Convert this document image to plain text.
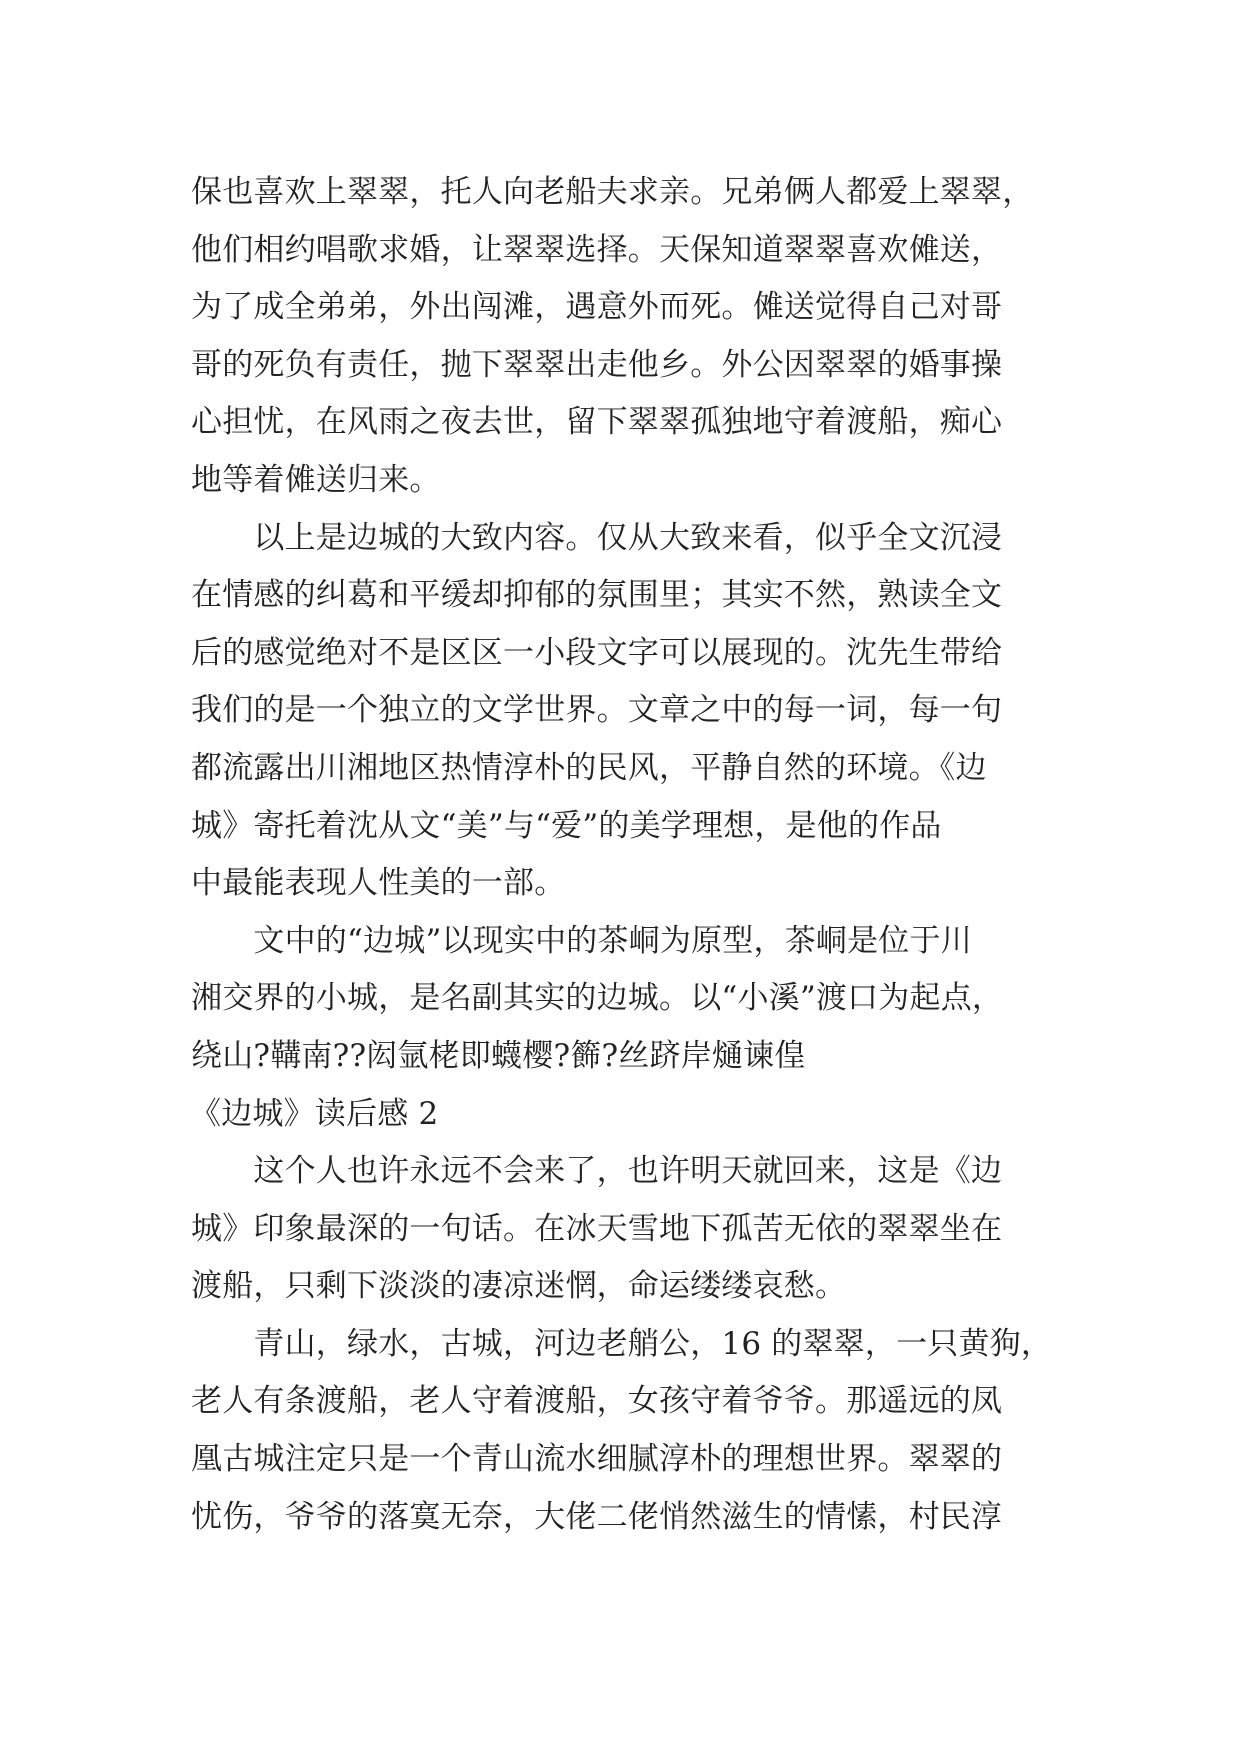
保也喜欢上翠翠，托人向老船夫求亲。兄弟俩人都爱上翠翠，
他们相约唱歌求婚，让翠翠选择。天保知道翠翠喜欢傩送，
为了成全弟弟，外出闯滩，遇意外而死。傩送觉得自己对哥
哥的死负有责任，抛下翠翠出走他乡。外公因翠翠的婚事操
心担忧，在风雨之夜去世，留下翠翠孤独地守着渡船，痴心
地等着傩送归来。
　　以上是边城的大致内容。仅从大致来看，似乎全文沉浸
在情感的纠葛和平缓却抑郁的氛围里；其实不然，熟读全文
后的感觉绝对不是区区一小段文字可以展现的。沈先生带给
我们的是一个独立的文学世界。文章之中的每一词，每一句
都流露出川湘地区热情淳朴的民风，平静自然的环境。《边
城》寄托着沈从文“美”与“爱”的美学理想，是他的作品
中最能表现人性美的一部。
　　文中的“边城”以现实中的茶峒为原型，茶峒是位于川
湘交界的小城，是名副其实的边城。以“小溪”渡口为起点，
绕山?鞲南??闳氩栳即蠛樱?籂?丝跻岸熥谏偟
《边城》读后感 2
　　这个人也许永远不会来了，也许明天就回来，这是《边
城》印象最深的一句话。在冰天雪地下孤苦无依的翠翠坐在
渡船，只剩下淡淡的凄凉迷惘，命运缕缕哀愁。
　　青山，绿水，古城，河边老艄公，16 的翠翠，一只黄狗，
老人有条渡船，老人守着渡船，女孩守着爷爷。那遥远的凤
凰古城注定只是一个青山流水细腻淳朴的理想世界。翠翠的
忧伤，爷爷的落寞无奈，大佬二佬悄然滋生的情愫，村民淳
